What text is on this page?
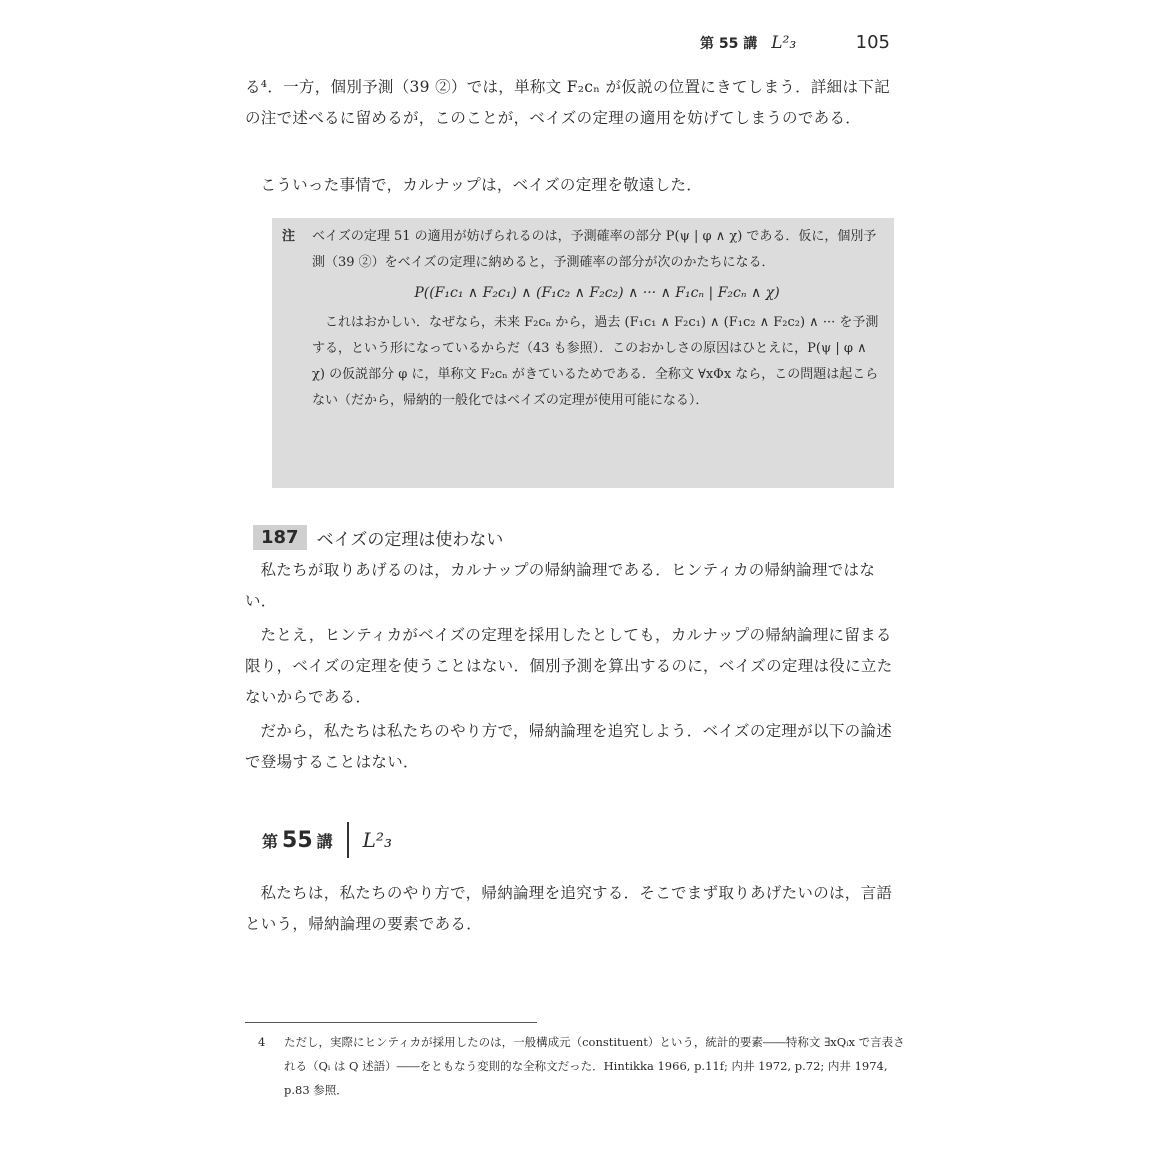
第 55 講 L²₃	105
る⁴．一方，個別予測（39 ②）では，単称文 F₂cₙ が仮説の位置にきてしまう．詳細は下記の注で述べるに留めるが，このことが，ベイズの定理の適用を妨げてしまうのである．
こういった事情で，カルナップは，ベイズの定理を敬遠した．
注 ベイズの定理 51 の適用が妨げられるのは，予測確率の部分 P(ψ | φ ∧ χ) である．仮に，個別予測（39 ②）をベイズの定理に納めると，予測確率の部分が次のかたちになる．
P((F₁c₁ ∧ F₂c₁) ∧ (F₁c₂ ∧ F₂c₂) ∧ ··· ∧ F₁cₙ | F₂cₙ ∧ χ)
これはおかしい．なぜなら，未来 F₂cₙ から，過去 (F₁c₁ ∧ F₂c₁) ∧ (F₁c₂ ∧ F₂c₂) ∧ ··· を予測する，という形になっているからだ（43 も参照）．このおかしさの原因はひとえに，P(ψ | φ ∧ χ) の仮説部分 φ に，単称文 F₂cₙ がきているためである．全称文 ∀xΦx なら，この問題は起こらない（だから，帰納的一般化ではベイズの定理が使用可能になる）．
187	ベイズの定理は使わない
私たちが取りあげるのは，カルナップの帰納論理である．ヒンティカの帰納論理ではない．
たとえ，ヒンティカがベイズの定理を採用したとしても，カルナップの帰納論理に留まる限り，ベイズの定理を使うことはない．個別予測を算出するのに，ベイズの定理は役に立たないからである．
だから，私たちは私たちのやり方で，帰納論理を追究しよう．ベイズの定理が以下の論述で登場することはない．
第 55 講 L²₃
私たちは，私たちのやり方で，帰納論理を追究する．そこでまず取りあげたいのは，言語という，帰納論理の要素である．
4	ただし，実際にヒンティカが採用したのは，一般構成元（constituent）という，統計的要素――特称文 ∃xQᵢx で言表される（Qᵢ は Q 述語）――をともなう変則的な全称文だった．Hintikka 1966, p.11f; 内井 1972, p.72; 内井 1974, p.83 参照．
